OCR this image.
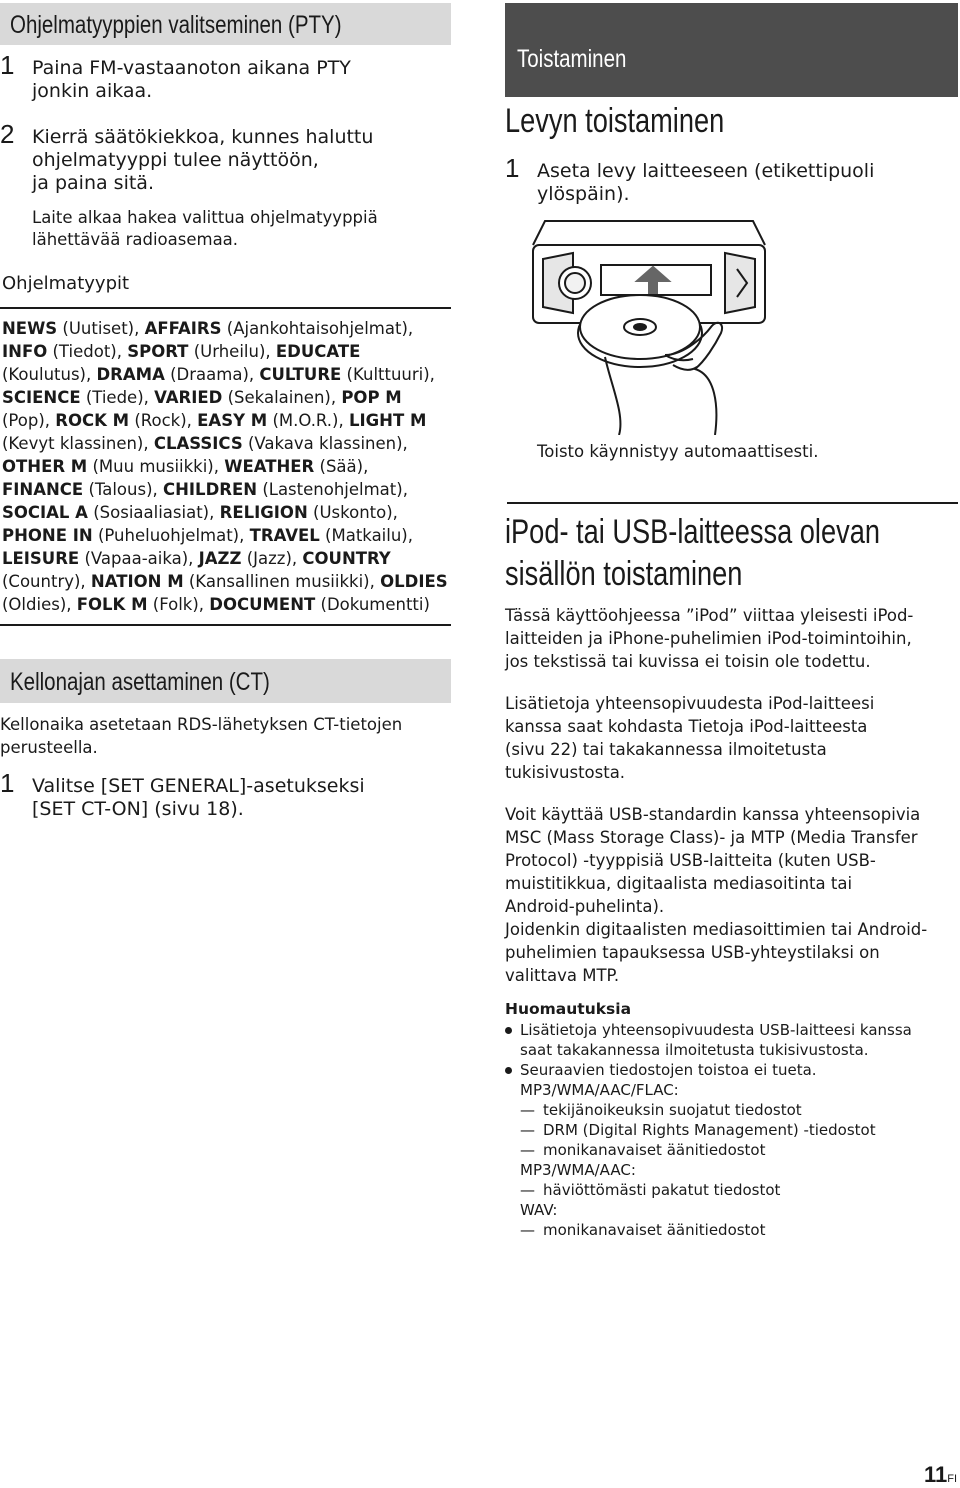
Ohjelmatyyppien valitseminen (PTY)
1 Paina FM-vastaanoton aikana PTY
jonkin aikaa.
2 Kierrä säätökiekkoa, kunnes haluttu
ohjelmatyyppi tulee näyttöön,
ja paina sitä.
Laite alkaa hakea valittua ohjelmatyyppiä
lähettävää radioasemaa.
Ohjelmatyypit
NEWS (Uutiset), AFFAIRS (Ajankohtaisohjelmat), INFO (Tiedot), SPORT (Urheilu), EDUCATE (Koulutus), DRAMA (Draama), CULTURE (Kulttuuri), SCIENCE (Tiede), VARIED (Sekalainen), POP M (Pop), ROCK M (Rock), EASY M (M.O.R.), LIGHT M (Kevyt klassinen), CLASSICS (Vakava klassinen), OTHER M (Muu musiikki), WEATHER (Sää), FINANCE (Talous), CHILDREN (Lastenohjelmat), SOCIAL A (Sosiaaliasiat), RELIGION (Uskonto), PHONE IN (Puheluohjelmat), TRAVEL (Matkailu), LEISURE (Vapaa-aika), JAZZ (Jazz), COUNTRY (Country), NATION M (Kansallinen musiikki), OLDIES (Oldies), FOLK M (Folk), DOCUMENT (Dokumentti)
Kellonajan asettaminen (CT)
Kellonaika asetetaan RDS-lähetyksen CT-tietojen
perusteella.
1 Valitse [SET GENERAL]-asetukseksi
[SET CT-ON] (sivu 18).
Toistaminen
Levyn toistaminen
1 Aseta levy laitteeseen (etikettipuoli
ylöspäin).
Toisto käynnistyy automaattisesti.
iPod- tai USB-laitteessa olevan
sisällön toistaminen
Tässä käyttöohjeessa ”iPod” viittaa yleisesti iPod-
laitteiden ja iPhone-puhelimien iPod-toimintoihin,
jos tekstissä tai kuvissa ei toisin ole todettu.
Lisätietoja yhteensopivuudesta iPod-laitteesi
kanssa saat kohdasta Tietoja iPod-laitteesta
(sivu 22) tai takakannessa ilmoitetusta
tukisivustosta.
Voit käyttää USB-standardin kanssa yhteensopivia
MSC (Mass Storage Class)- ja MTP (Media Transfer
Protocol) -tyyppisiä USB-laitteita (kuten USB-
muistitikkua, digitaalista mediasoitinta tai
Android-puhelinta).
Joidenkin digitaalisten mediasoittimien tai Android-
puhelimien tapauksessa USB-yhteystilaksi on
valittava MTP.
Huomautuksia
Lisätietoja yhteensopivuudesta USB-laitteesi kanssa
saat takakannessa ilmoitetusta tukisivustosta.
Seuraavien tiedostojen toistoa ei tueta.
MP3/WMA/AAC/FLAC:
— tekijänoikeuksin suojatut tiedostot
— DRM (Digital Rights Management) -tiedostot
— monikanavaiset äänitiedostot
MP3/WMA/AAC:
— häviöttömästi pakatut tiedostot
WAV:
— monikanavaiset äänitiedostot
11FI
